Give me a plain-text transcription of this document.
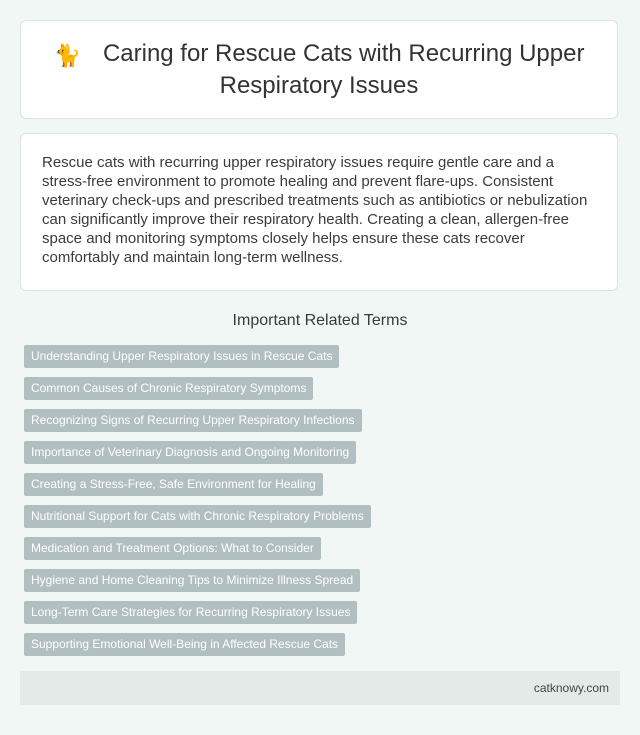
🐈 Caring for Rescue Cats with Recurring Upper Respiratory Issues

Rescue cats with recurring upper respiratory issues require gentle care and a stress-free environment to promote healing and prevent flare-ups. Consistent veterinary check-ups and prescribed treatments such as antibiotics or nebulization can significantly improve their respiratory health. Creating a clean, allergen-free space and monitoring symptoms closely helps ensure these cats recover comfortably and maintain long-term wellness.

Important Related Terms
Understanding Upper Respiratory Issues in Rescue Cats
Common Causes of Chronic Respiratory Symptoms
Recognizing Signs of Recurring Upper Respiratory Infections
Importance of Veterinary Diagnosis and Ongoing Monitoring
Creating a Stress-Free, Safe Environment for Healing
Nutritional Support for Cats with Chronic Respiratory Problems
Medication and Treatment Options: What to Consider
Hygiene and Home Cleaning Tips to Minimize Illness Spread
Long-Term Care Strategies for Recurring Respiratory Issues
Supporting Emotional Well-Being in Affected Rescue Cats
catknowy.com
